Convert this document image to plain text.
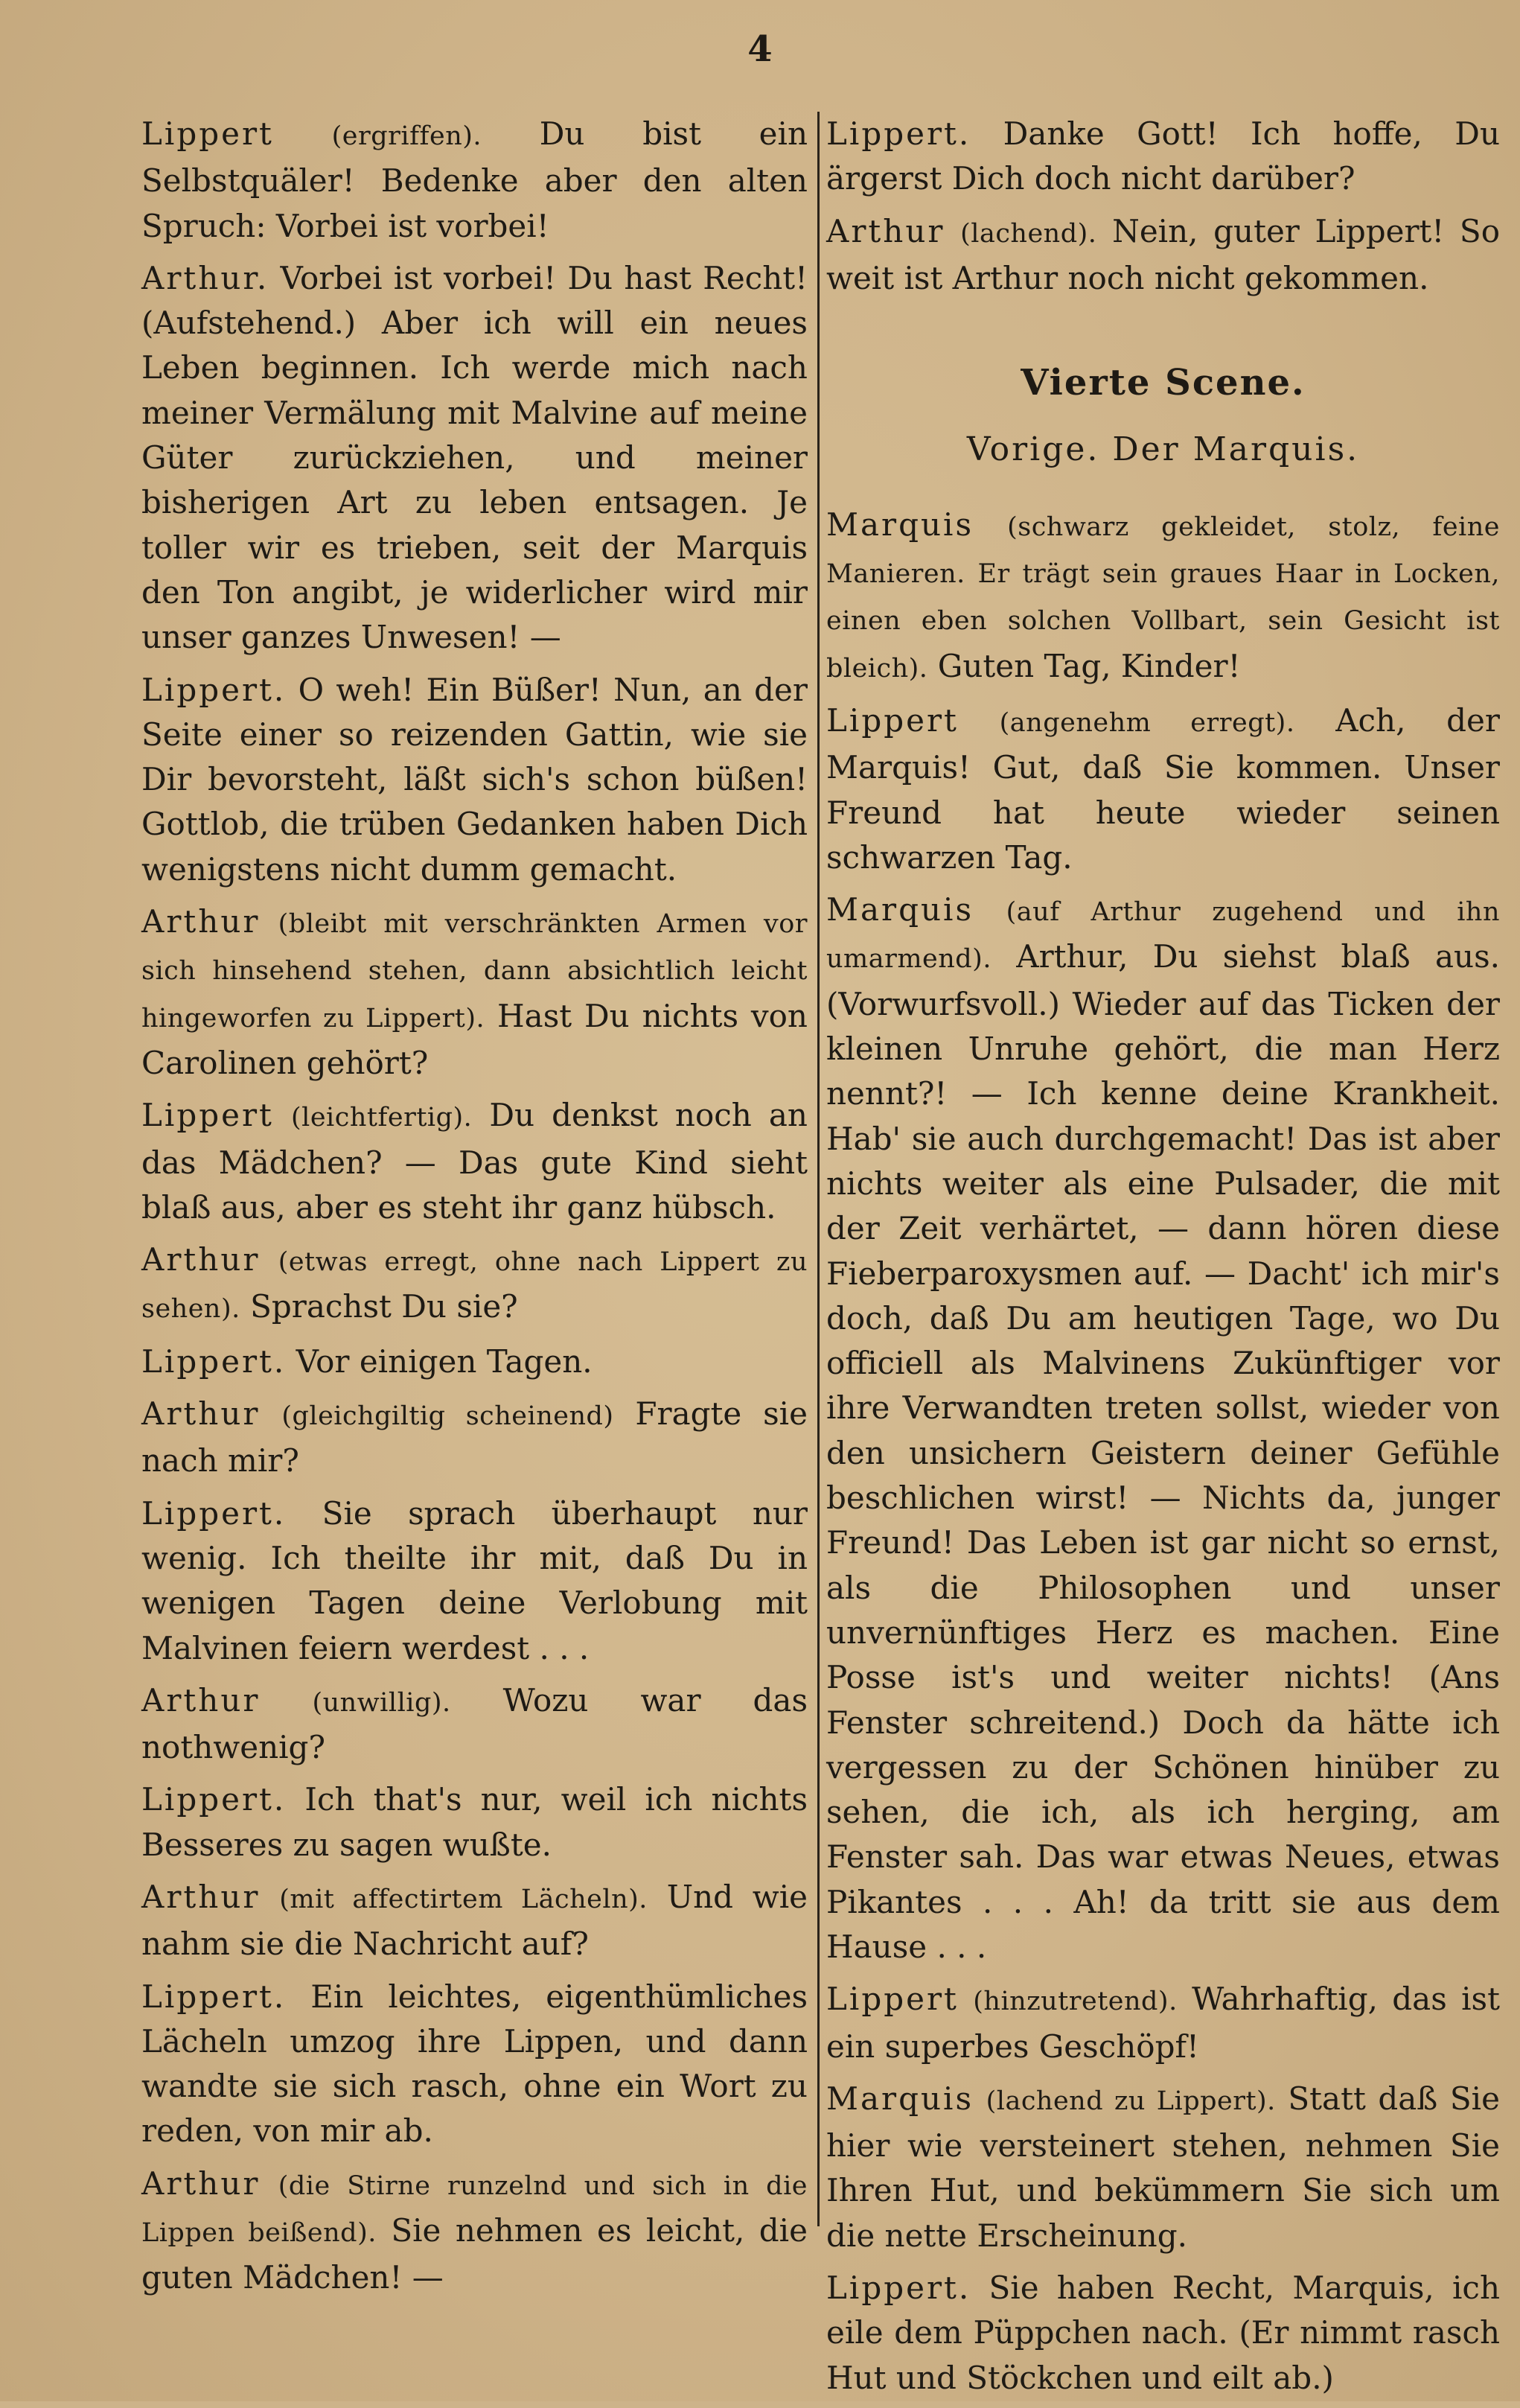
4

Lippert (ergriffen). Du bist ein Selbstquäler! Bedenke aber den alten Spruch: Vorbei ist vorbei!

Arthur. Vorbei ist vorbei! Du hast Recht! (Aufstehend.) Aber ich will ein neues Leben beginnen. Ich werde mich nach meiner Vermälung mit Malvine auf meine Güter zurückziehen, und meiner bisherigen Art zu leben entsagen. Je toller wir es trieben, seit der Marquis den Ton angibt, je widerlicher wird mir unser ganzes Unwesen! —

Lippert. O weh! Ein Büßer! Nun, an der Seite einer so reizenden Gattin, wie sie Dir bevorsteht, läßt sich's schon büßen! Gottlob, die trüben Gedanken haben Dich wenigstens nicht dumm gemacht.

Arthur (bleibt mit verschränkten Armen vor sich hinsehend stehen, dann absichtlich leicht hingeworfen zu Lippert). Hast Du nichts von Carolinen gehört?

Lippert (leichtfertig). Du denkst noch an das Mädchen? — Das gute Kind sieht blaß aus, aber es steht ihr ganz hübsch.

Arthur (etwas erregt, ohne nach Lippert zu sehen). Sprachst Du sie?

Lippert. Vor einigen Tagen.

Arthur (gleichgiltig scheinend) Fragte sie nach mir?

Lippert. Sie sprach überhaupt nur wenig. Ich theilte ihr mit, daß Du in wenigen Tagen deine Verlobung mit Malvinen feiern werdest . . .

Arthur (unwillig). Wozu war das nothwenig?

Lippert. Ich that's nur, weil ich nichts Besseres zu sagen wußte.

Arthur (mit affectirtem Lächeln). Und wie nahm sie die Nachricht auf?

Lippert. Ein leichtes, eigenthümliches Lächeln umzog ihre Lippen, und dann wandte sie sich rasch, ohne ein Wort zu reden, von mir ab.

Arthur (die Stirne runzelnd und sich in die Lippen beißend). Sie nehmen es leicht, die guten Mädchen! —

Lippert. Danke Gott! Ich hoffe, Du ärgerst Dich doch nicht darüber?

Arthur (lachend). Nein, guter Lippert! So weit ist Arthur noch nicht gekommen.

Vierte Scene.
Vorige. Der Marquis.

Marquis (schwarz gekleidet, stolz, feine Manieren. Er trägt sein graues Haar in Locken, einen eben solchen Vollbart, sein Gesicht ist bleich). Guten Tag, Kinder!

Lippert (angenehm erregt). Ach, der Marquis! Gut, daß Sie kommen. Unser Freund hat heute wieder seinen schwarzen Tag.

Marquis (auf Arthur zugehend und ihn umarmend). Arthur, Du siehst blaß aus. (Vorwurfsvoll.) Wieder auf das Ticken der kleinen Unruhe gehört, die man Herz nennt?! — Ich kenne deine Krankheit. Hab' sie auch durchgemacht! Das ist aber nichts weiter als eine Pulsader, die mit der Zeit verhärtet, — dann hören diese Fieberparoxysmen auf. — Dacht' ich mir's doch, daß Du am heutigen Tage, wo Du officiell als Malvinens Zukünftiger vor ihre Verwandten treten sollst, wieder von den unsichern Geistern deiner Gefühle beschlichen wirst! — Nichts da, junger Freund! Das Leben ist gar nicht so ernst, als die Philosophen und unser unvernünftiges Herz es machen. Eine Posse ist's und weiter nichts! (Ans Fenster schreitend.) Doch da hätte ich vergessen zu der Schönen hinüber zu sehen, die ich, als ich herging, am Fenster sah. Das war etwas Neues, etwas Pikantes . . . Ah! da tritt sie aus dem Hause . . .

Lippert (hinzutretend). Wahrhaftig, das ist ein superbes Geschöpf!

Marquis (lachend zu Lippert). Statt daß Sie hier wie versteinert stehen, nehmen Sie Ihren Hut, und bekümmern Sie sich um die nette Erscheinung.

Lippert. Sie haben Recht, Marquis, ich eile dem Püppchen nach. (Er nimmt rasch Hut und Stöckchen und eilt ab.)
